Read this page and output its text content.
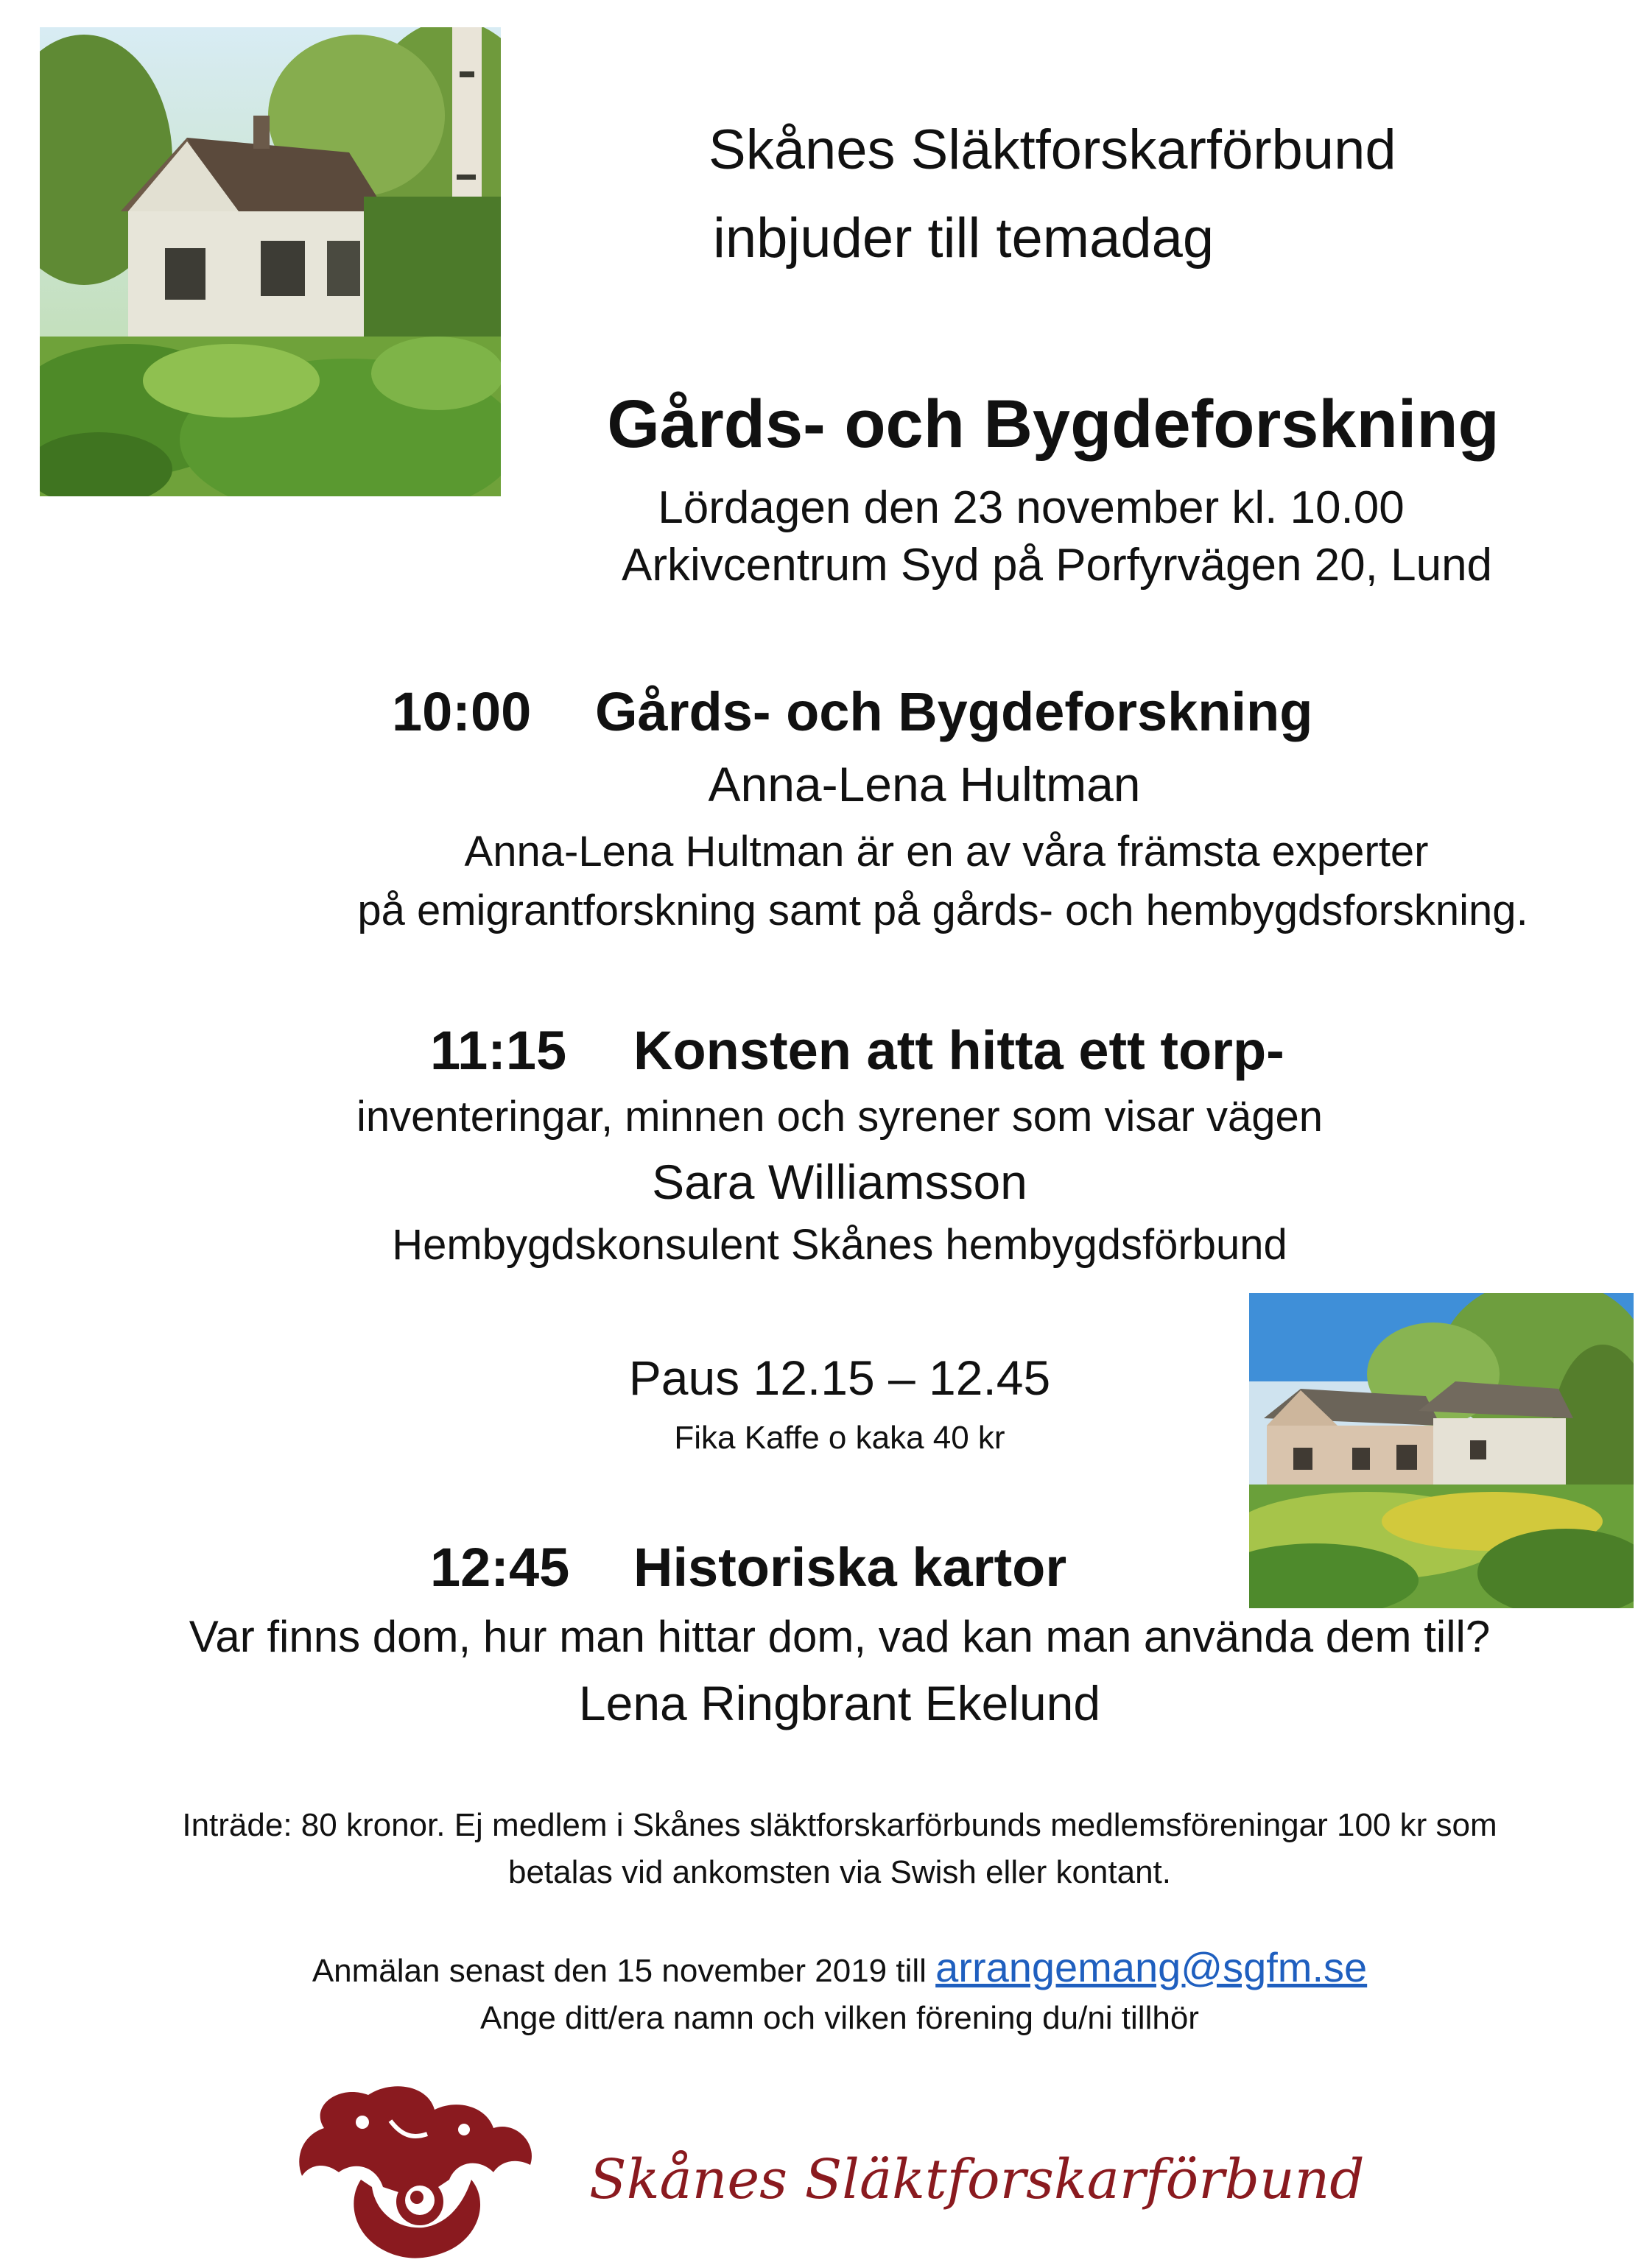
Skånes Släktforskarförbund
inbjuder till temadag
Gårds- och Bygdeforskning
Lördagen den 23 november kl. 10.00
Arkivcentrum Syd på Porfyrvägen 20, Lund
10:00 Gårds- och Bygdeforskning
Anna-Lena Hultman
Anna-Lena Hultman är en av våra främsta experter
på emigrantforskning samt på gårds- och hembygdsforskning.
11:15 Konsten att hitta ett torp-
inventeringar, minnen och syrener som visar vägen
Sara Williamsson
Hembygdskonsulent Skånes hembygdsförbund
Paus 12.15 – 12.45
Fika Kaffe o kaka 40 kr
12:45 Historiska kartor
Var finns dom, hur man hittar dom, vad kan man använda dem till?
Lena Ringbrant Ekelund
Inträde: 80 kronor. Ej medlem i Skånes släktforskarförbunds medlemsföreningar 100 kr som
betalas vid ankomsten via Swish eller kontant.
Anmälan senast den 15 november 2019 till arrangemang@sgfm.se
Ange ditt/era namn och vilken förening du/ni tillhör
Skånes Släktforskarförbund
